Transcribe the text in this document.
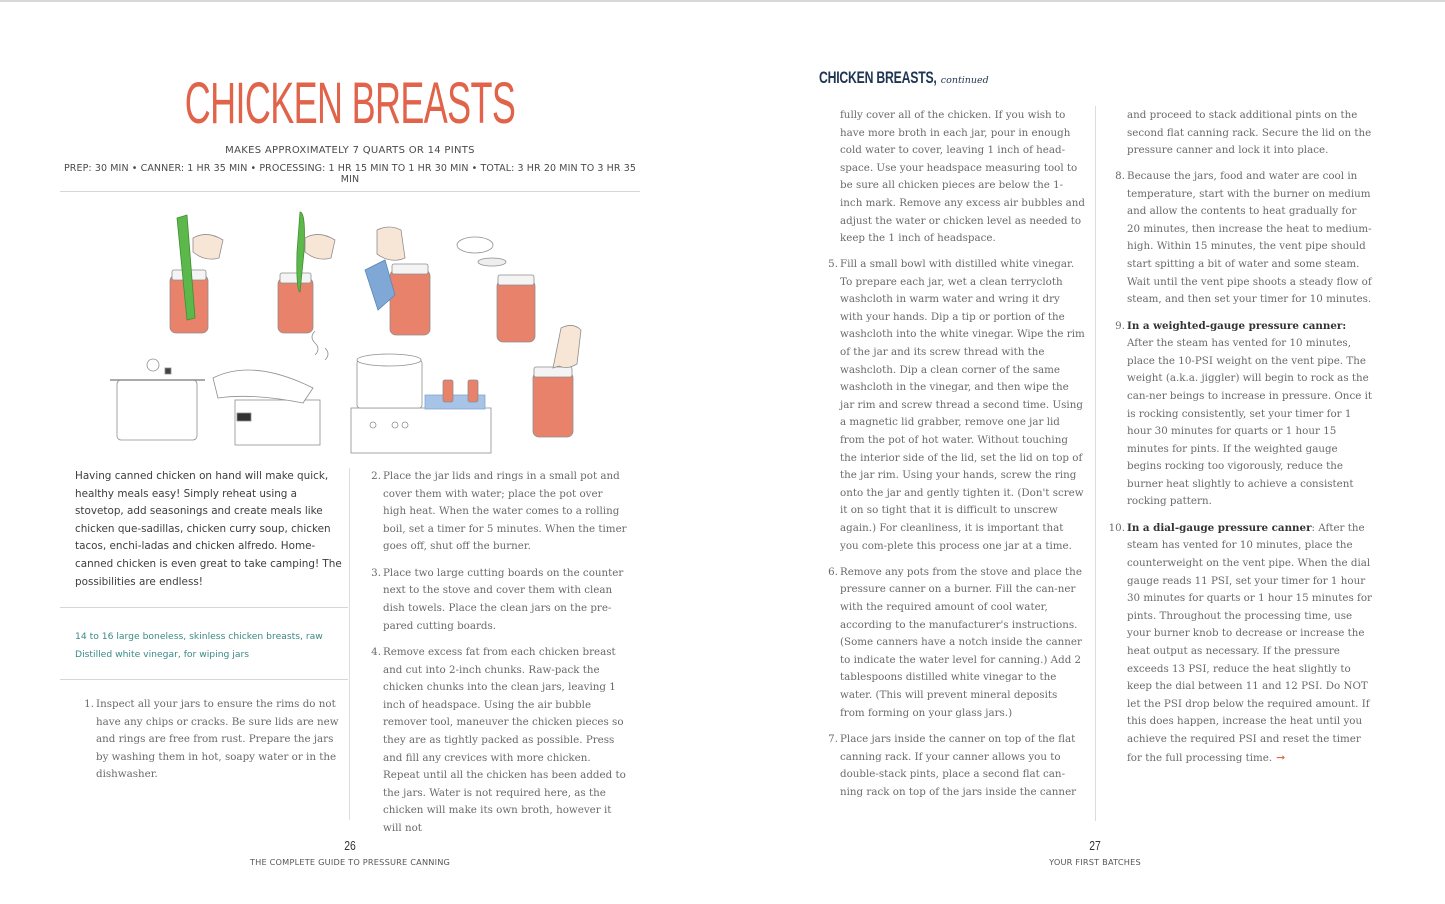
CHICKEN BREASTS
MAKES APPROXIMATELY 7 QUARTS OR 14 PINTS
PREP: 30 MIN • CANNER: 1 HR 35 MIN • PROCESSING: 1 HR 15 MIN TO 1 HR 30 MIN • TOTAL: 3 HR 20 MIN TO 3 HR 35 MIN

Having canned chicken on hand will make quick, healthy meals easy! Simply reheat using a stovetop, add seasonings and create meals like chicken que-sadillas, chicken curry soup, chicken tacos, enchi-ladas and chicken alfredo. Home-canned chicken is even great to take camping! The possibilities are endless!

14 to 16 large boneless, skinless chicken breasts, raw
Distilled white vinegar, for wiping jars
1. Inspect all your jars to ensure the rims do not have any chips or cracks. Be sure lids are new and rings are free from rust. Prepare the jars by washing them in hot, soapy water or in the dishwasher.
2. Place the jar lids and rings in a small pot and cover them with water; place the pot over high heat. When the water comes to a rolling boil, set a timer for 5 minutes. When the timer goes off, shut off the burner.
3. Place two large cutting boards on the counter next to the stove and cover them with clean dish towels. Place the clean jars on the pre-pared cutting boards.
4. Remove excess fat from each chicken breast and cut into 2-inch chunks. Raw-pack the chicken chunks into the clean jars, leaving 1 inch of headspace. Using the air bubble remover tool, maneuver the chicken pieces so they are as tightly packed as possible. Press and fill any crevices with more chicken. Repeat until all the chicken has been added to the jars. Water is not required here, as the chicken will make its own broth, however it will not
26
THE COMPLETE GUIDE TO PRESSURE CANNING
CHICKEN BREASTS, continued

fully cover all of the chicken. If you wish to have more broth in each jar, pour in enough cold water to cover, leaving 1 inch of head-space. Use your headspace measuring tool to be sure all chicken pieces are below the 1-inch mark. Remove any excess air bubbles and adjust the water or chicken level as needed to keep the 1 inch of headspace.

5. Fill a small bowl with distilled white vinegar. To prepare each jar, wet a clean terrycloth washcloth in warm water and wring it dry with your hands. Dip a tip or portion of the washcloth into the white vinegar. Wipe the rim of the jar and its screw thread with the washcloth. Dip a clean corner of the same washcloth in the vinegar, and then wipe the jar rim and screw thread a second time. Using a magnetic lid grabber, remove one jar lid from the pot of hot water. Without touching the interior side of the lid, set the lid on top of the jar rim. Using your hands, screw the ring onto the jar and gently tighten it. (Don't screw it on so tight that it is difficult to unscrew again.) For cleanliness, it is important that you com-plete this process one jar at a time.
6. Remove any pots from the stove and place the pressure canner on a burner. Fill the can-ner with the required amount of cool water, according to the manufacturer's instructions. (Some canners have a notch inside the canner to indicate the water level for canning.) Add 2 tablespoons distilled white vinegar to the water. (This will prevent mineral deposits from forming on your glass jars.)
7. Place jars inside the canner on top of the flat canning rack. If your canner allows you to double-stack pints, place a second flat can-ning rack on top of the jars inside the canner

and proceed to stack additional pints on the second flat canning rack. Secure the lid on the pressure canner and lock it into place.

8. Because the jars, food and water are cool in temperature, start with the burner on medium and allow the contents to heat gradually for 20 minutes, then increase the heat to medium-high. Within 15 minutes, the vent pipe should start spitting a bit of water and some steam. Wait until the vent pipe shoots a steady flow of steam, and then set your timer for 10 minutes.
9. In a weighted-gauge pressure canner: After the steam has vented for 10 minutes, place the 10-PSI weight on the vent pipe. The weight (a.k.a. jiggler) will begin to rock as the can-ner beings to increase in pressure. Once it is rocking consistently, set your timer for 1 hour 30 minutes for quarts or 1 hour 15 minutes for pints. If the weighted gauge begins rocking too vigorously, reduce the burner heat slightly to achieve a consistent rocking pattern.
10. In a dial-gauge pressure canner: After the steam has vented for 10 minutes, place the counterweight on the vent pipe. When the dial gauge reads 11 PSI, set your timer for 1 hour 30 minutes for quarts or 1 hour 15 minutes for pints. Throughout the processing time, use your burner knob to decrease or increase the heat output as necessary. If the pressure exceeds 13 PSI, reduce the heat slightly to keep the dial between 11 and 12 PSI. Do NOT let the PSI drop below the required amount. If this does happen, increase the heat until you achieve the required PSI and reset the timer for the full processing time. ➞
27
YOUR FIRST BATCHES
